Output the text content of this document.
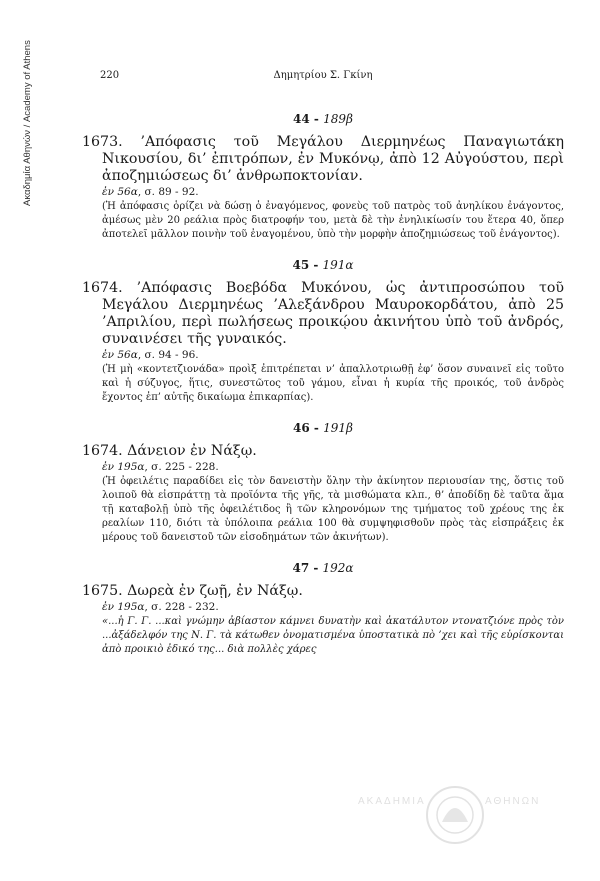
Ακαδημία Αθηνών / Academy of Athens	220	Δημητρίου Σ. Γκίνη

44 - 189β

1673. ’Απόφασις τοῦ Μεγάλου Διερμηνέως Παναγιωτάκη Νικουσίου, δι’ ἐπιτρόπων, ἐν Μυκόνῳ, ἀπὸ 12 Αὐγούστου, περὶ ἀποζημιώσεως δι’ ἀνθρωποκτονίαν.

ἐν 56α, σ. 89 - 92.

(Ἡ ἀπόφασις ὁρίζει νὰ δώσῃ ὁ ἐναγόμενος, φονεὺς τοῦ πατρὸς τοῦ ἀνηλίκου ἐνάγοντος, ἀμέσως μὲν 20 ρεάλια πρὸς διατροφήν του, μετὰ δὲ τὴν ἐνηλικίωσίν του ἕτερα 40, ὅπερ ἀποτελεῖ μᾶλλον ποινὴν τοῦ ἐναγομένου, ὑπὸ τὴν μορφὴν ἀποζημιώσεως τοῦ ἐνάγοντος).

45 - 191α

1674. ’Απόφασις Βοεβόδα Μυκόνου, ὡς ἀντιπροσώπου τοῦ Μεγάλου Διερμηνέως ’Αλεξάνδρου Μαυροκορδάτου, ἀπὸ 25 ’Απριλίου, περὶ πωλήσεως προικῴου ἀκινήτου ὑπὸ τοῦ ἀνδρός, συναινέσει τῆς γυναικός.

ἐν 56α, σ. 94 - 96.

(Ἡ μὴ «κοντετζιονάδα» προὶξ ἐπιτρέπεται ν’ ἀπαλλοτριωθῇ ἐφ’ ὅσον συναινεῖ εἰς τοῦτο καὶ ἡ σύζυγος, ἥτις, συνεστῶτος τοῦ γάμου, εἶναι ἡ κυρία τῆς προικός, τοῦ ἀνδρὸς ἔχοντος ἐπ’ αὐτῆς δικαίωμα ἐπικαρπίας).

46 - 191β

1674. Δάνειον ἐν Νάξῳ.

ἐν 195α, σ. 225 - 228.

(Ἡ ὀφειλέτις παραδίδει εἰς τὸν δανειστὴν ὅλην τὴν ἀκίνητον περιουσίαν της, ὅστις τοῦ λοιποῦ θὰ εἰσπράττῃ τὰ προϊόντα τῆς γῆς, τὰ μισθώματα κλπ., θ’ ἀποδίδῃ δὲ ταῦτα ἅμα τῇ καταβολῇ ὑπὸ τῆς ὀφειλέτιδος ἢ τῶν κληρονόμων της τμήματος τοῦ χρέους της ἐκ ρεαλίων 110, διότι τὰ ὑπόλοιπα ρεάλια 100 θὰ συμψηφισθοῦν πρὸς τὰς εἰσπράξεις ἐκ μέρους τοῦ δανειστοῦ τῶν εἰσοδημάτων τῶν ἀκινήτων).

47 - 192α

1675. Δωρεὰ ἐν ζωῇ, ἐν Νάξῳ.

ἐν 195α, σ. 228 - 232.

«...ἡ Γ. Γ. ...καὶ γνώμην ἀβίαστον κάμνει δυνατὴν καὶ ἀκατάλυτον ντονατζιόνε πρὸς τὸν ...ἀξάδελφόν της Ν. Γ. τὰ κάτωθεν ὀνοματισμένα ὑποστατικὰ πὸ ’χει καὶ τῆς εὑρίσκονται ἀπὸ προικιὸ ἐδικό της... διὰ πολλὲς χάρες

ΑΚΑΔΗΜΙΑ	ΑΘΗΝΩΝ
